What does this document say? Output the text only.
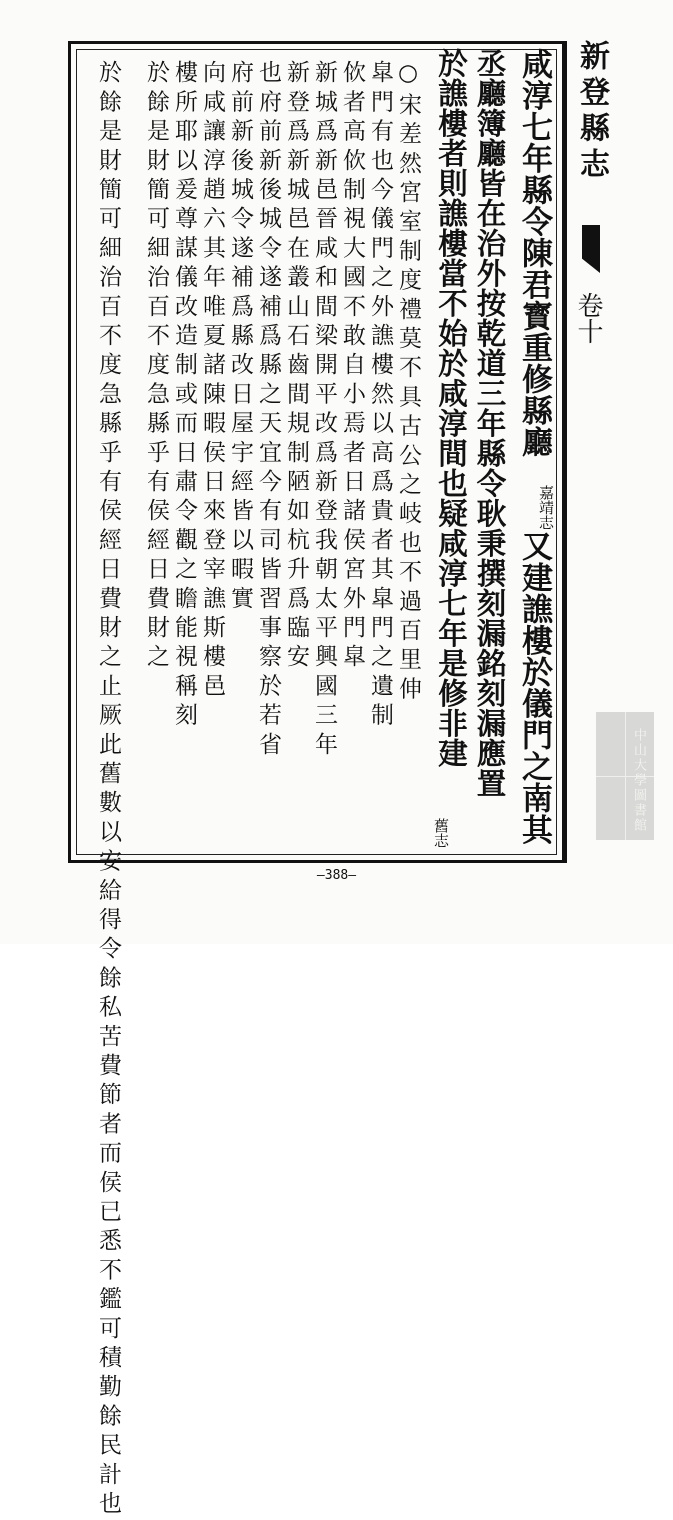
新登縣志
卷十
咸淳七年縣令陳君寳重修縣廳
嘉靖志
又建譙樓於儀門之南其
丞廳簿廳皆在治外按乾道三年縣令耿秉撰刻漏銘刻漏應置
於譙樓者則譙樓當不始於咸淳間也疑咸淳七年是修非建
舊志
○宋差然宮室制度禮莫不具古公之岐也不過百里伸
皐門有也今儀門之外譙樓然以高爲貴者其皐門之遺制
佽者高佽制視大國不敢自小焉者日諸侯宮外門皐
新城爲新邑晉咸和間梁開平改爲新登我朝太平興國三年
新登爲新城邑在叢山石齒間規制陋如杭升爲臨安
也府前新後城令遂補爲縣之天宜今有司皆習事察於若省
府前新後城令遂補爲縣改日屋宇經皆以暇實
向咸讓淳趙六其年唯夏諸陳暇侯日來登宰譙斯樓邑
樓所耶以爰尊謀儀改造制或而日肅令觀之瞻能視稱刻
於餘是財簡可細治百不度急縣乎有侯經日費財之
於餘是財簡可細治百不度急縣乎有侯經日費財之止厥此舊數以安給得令餘私苦費節者而侯已悉不鑑可積勤餘民計也	—388—
中山大學圖書館
